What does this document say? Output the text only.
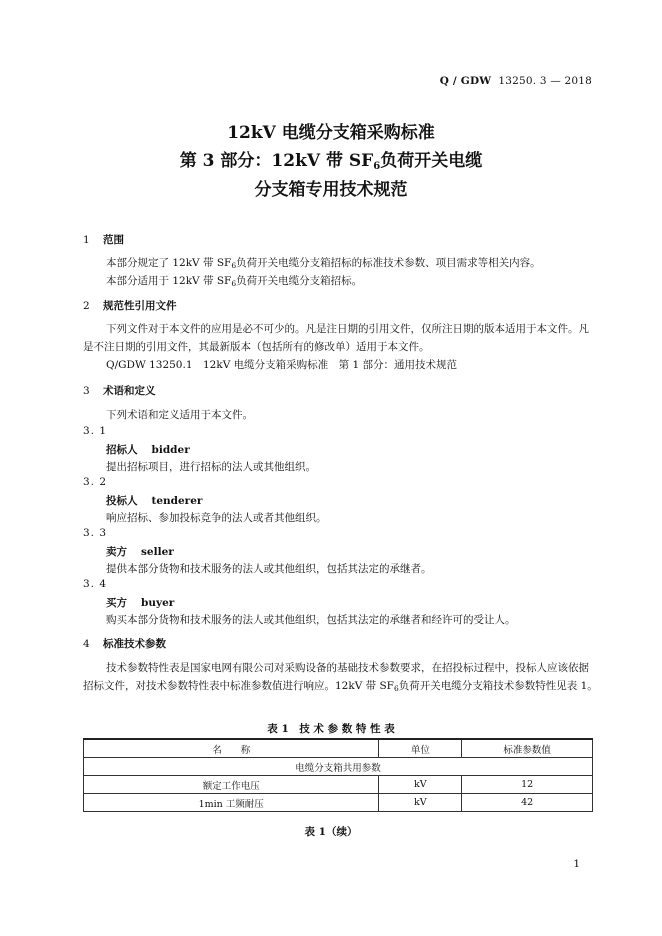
Q / GDW 13250. 3 — 2018
12kV 电缆分支箱采购标准
第 3 部分：12kV 带 $SF_6$负荷开关电缆
分支箱专用技术规范
1 范围
本部分规定了 12kV 带 $SF_6$负荷开关电缆分支箱招标的标准技术参数、项目需求等相关内容。
本部分适用于 12kV 带 $SF_6$负荷开关电缆分支箱招标。
2 规范性引用文件
下列文件对于本文件的应用是必不可少的。凡是注日期的引用文件，仅所注日期的版本适用于本文件。凡是不注日期的引用文件，其最新版本（包括所有的修改单）适用于本文件。
Q/GDW 13250.1　12kV 电缆分支箱采购标准　第 1 部分：通用技术规范
3 术语和定义
下列术语和定义适用于本文件。
3. 1
招标人 bidder
提出招标项目，进行招标的法人或其他组织。
3. 2
投标人 tenderer
响应招标、参加投标竞争的法人或者其他组织。
3. 3
卖方 seller
提供本部分货物和技术服务的法人或其他组织，包括其法定的承继者。
3. 4
买方 buyer
购买本部分货物和技术服务的法人或其他组织，包括其法定的承继者和经许可的受让人。
4 标准技术参数
技术参数特性表是国家电网有限公司对采购设备的基础技术参数要求，在招投标过程中，投标人应该依据招标文件，对技术参数特性表中标准参数值进行响应。12kV 带 $SF_6$负荷开关电缆分支箱技术参数特性见表 1。
表 1　技 术 参 数 特 性 表
名　　称	单位	标准参数值
电缆分支箱共用参数		
额定工作电压	kV	12
1min 工频耐压	kV	42
表 1（续）
1
